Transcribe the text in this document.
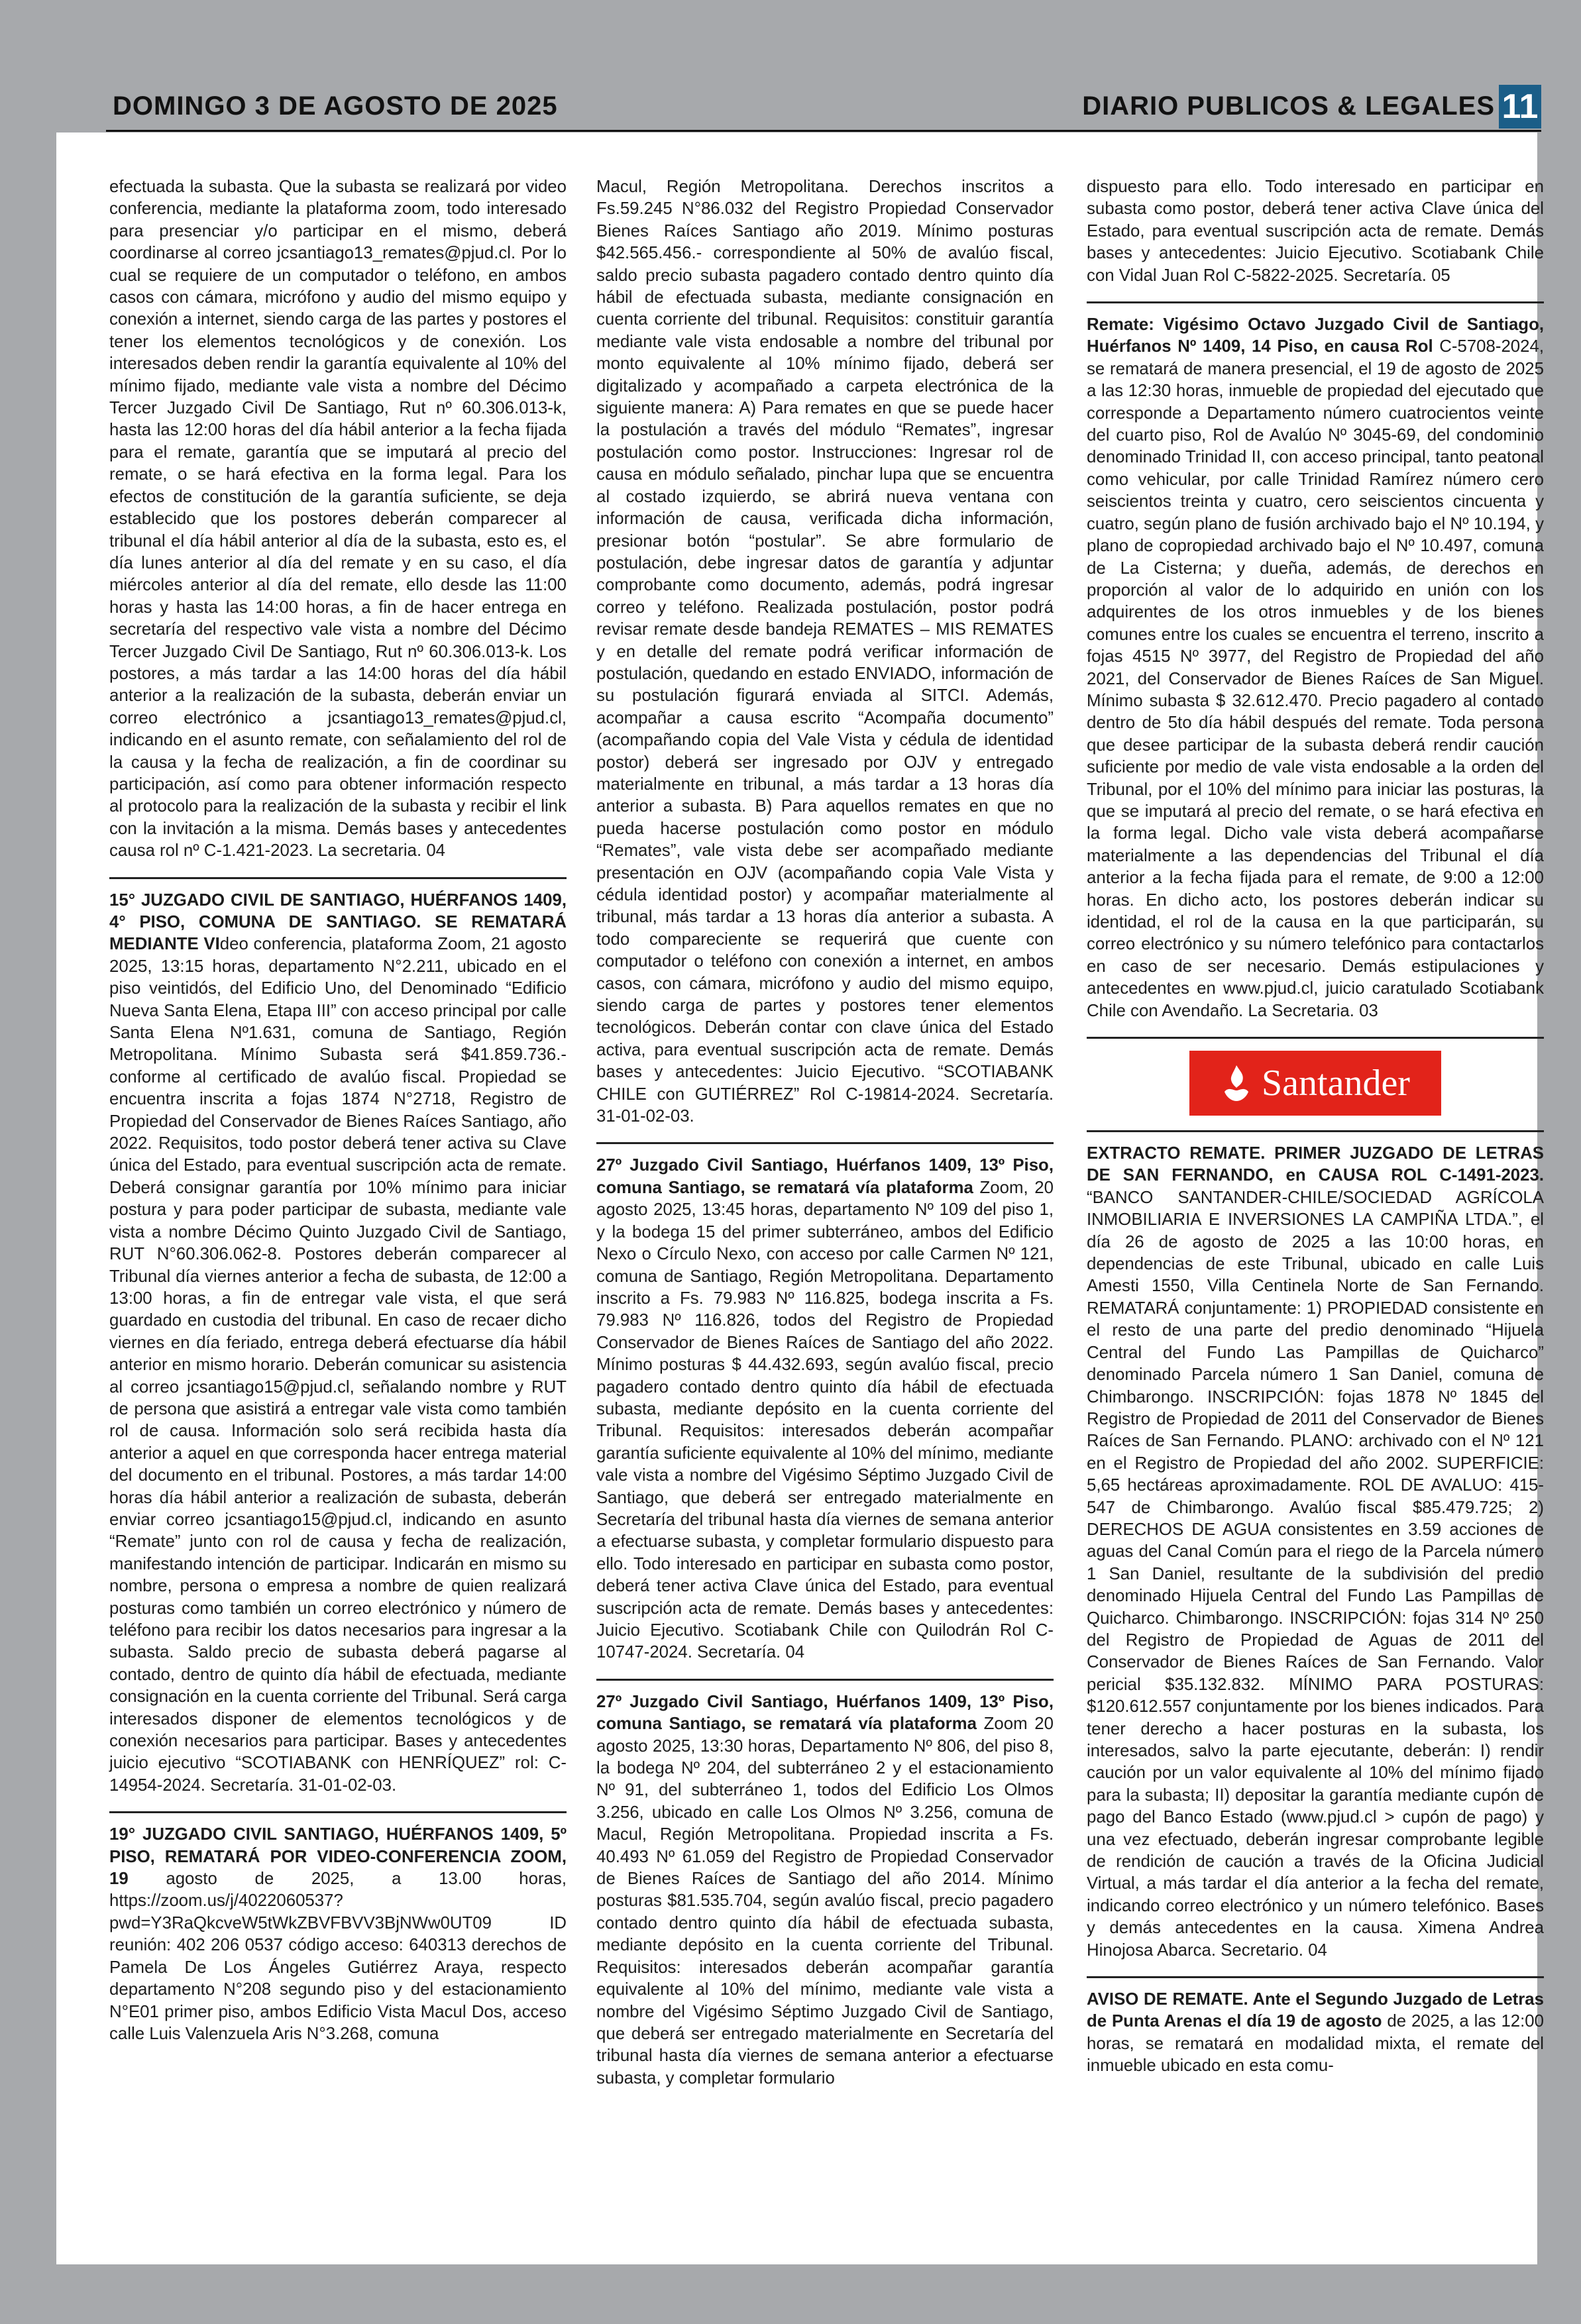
DOMINGO 3 DE AGOSTO DE 2025	DIARIO PUBLICOS & LEGALES 11

efectuada la subasta. Que la subasta se realizará por video conferencia, mediante la plataforma zoom, todo interesado para presenciar y/o participar en el mismo, deberá coordinarse al correo jcsantiago13_remates@pjud.cl. Por lo cual se requiere de un computador o teléfono, en ambos casos con cámara, micrófono y audio del mismo equipo y conexión a internet, siendo carga de las partes y postores el tener los elementos tecnológicos y de conexión. Los interesados deben rendir la garantía equivalente al 10% del mínimo fijado, mediante vale vista a nombre del Décimo Tercer Juzgado Civil De Santiago, Rut nº 60.306.013-k, hasta las 12:00 horas del día hábil anterior a la fecha fijada para el remate, garantía que se imputará al precio del remate, o se hará efectiva en la forma legal. Para los efectos de constitución de la garantía suficiente, se deja establecido que los postores deberán comparecer al tribunal el día hábil anterior al día de la subasta, esto es, el día lunes anterior al día del remate y en su caso, el día miércoles anterior al día del remate, ello desde las 11:00 horas y hasta las 14:00 horas, a fin de hacer entrega en secretaría del respectivo vale vista a nombre del Décimo Tercer Juzgado Civil De Santiago, Rut nº 60.306.013-k. Los postores, a más tardar a las 14:00 horas del día hábil anterior a la realización de la subasta, deberán enviar un correo electrónico a jcsantiago13_remates@pjud.cl, indicando en el asunto remate, con señalamiento del rol de la causa y la fecha de realización, a fin de coordinar su participación, así como para obtener información respecto al protocolo para la realización de la subasta y recibir el link con la invitación a la misma. Demás bases y antecedentes causa rol nº C-1.421-2023. La secretaria. 04

15° JUZGADO CIVIL DE SANTIAGO, HUÉRFANOS 1409, 4° PISO, COMUNA DE SANTIAGO. SE REMATARÁ MEDIANTE VIdeo conferencia, plataforma Zoom, 21 agosto 2025, 13:15 horas, departamento N°2.211, ubicado en el piso veintidós, del Edificio Uno, del Denominado “Edificio Nueva Santa Elena, Etapa III” con acceso principal por calle Santa Elena Nº1.631, comuna de Santiago, Región Metropolitana. Mínimo Subasta será $41.859.736.- conforme al certificado de avalúo fiscal. Propiedad se encuentra inscrita a fojas 1874 N°2718, Registro de Propiedad del Conservador de Bienes Raíces Santiago, año 2022. Requisitos, todo postor deberá tener activa su Clave única del Estado, para eventual suscripción acta de remate. Deberá consignar garantía por 10% mínimo para iniciar postura y para poder participar de subasta, mediante vale vista a nombre Décimo Quinto Juzgado Civil de Santiago, RUT N°60.306.062-8. Postores deberán comparecer al Tribunal día viernes anterior a fecha de subasta, de 12:00 a 13:00 horas, a fin de entregar vale vista, el que será guardado en custodia del tribunal. En caso de recaer dicho viernes en día feriado, entrega deberá efectuarse día hábil anterior en mismo horario. Deberán comunicar su asistencia al correo jcsantiago15@pjud.cl, señalando nombre y RUT de persona que asistirá a entregar vale vista como también rol de causa. Información solo será recibida hasta día anterior a aquel en que corresponda hacer entrega material del documento en el tribunal. Postores, a más tardar 14:00 horas día hábil anterior a realización de subasta, deberán enviar correo jcsantiago15@pjud.cl, indicando en asunto “Remate” junto con rol de causa y fecha de realización, manifestando intención de participar. Indicarán en mismo su nombre, persona o empresa a nombre de quien realizará posturas como también un correo electrónico y número de teléfono para recibir los datos necesarios para ingresar a la subasta. Saldo precio de subasta deberá pagarse al contado, dentro de quinto día hábil de efectuada, mediante consignación en la cuenta corriente del Tribunal. Será carga interesados disponer de elementos tecnológicos y de conexión necesarios para participar. Bases y antecedentes juicio ejecutivo “SCOTIABANK con HENRÍQUEZ” rol: C-14954-2024. Secretaría. 31-01-02-03.

19° JUZGADO CIVIL SANTIAGO, HUÉRFANOS 1409, 5º PISO, REMATARÁ POR VIDEO-CONFERENCIA ZOOM, 19 agosto de 2025, a 13.00 horas, https://zoom.us/j/4022060537?pwd=Y3RaQkcveW5tWkZBVFBVV3BjNWw0UT09 ID reunión: 402 206 0537 código acceso: 640313 derechos de Pamela De Los Ángeles Gutiérrez Araya, respecto departamento N°208 segundo piso y del estacionamiento N°E01 primer piso, ambos Edificio Vista Macul Dos, acceso calle Luis Valenzuela Aris N°3.268, comuna

Macul, Región Metropolitana. Derechos inscritos a Fs.59.245 N°86.032 del Registro Propiedad Conservador Bienes Raíces Santiago año 2019. Mínimo posturas $42.565.456.- correspondiente al 50% de avalúo fiscal, saldo precio subasta pagadero contado dentro quinto día hábil de efectuada subasta, mediante consignación en cuenta corriente del tribunal. Requisitos: constituir garantía mediante vale vista endosable a nombre del tribunal por monto equivalente al 10% mínimo fijado, deberá ser digitalizado y acompañado a carpeta electrónica de la siguiente manera: A) Para remates en que se puede hacer la postulación a través del módulo “Remates”, ingresar postulación como postor. Instrucciones: Ingresar rol de causa en módulo señalado, pinchar lupa que se encuentra al costado izquierdo, se abrirá nueva ventana con información de causa, verificada dicha información, presionar botón “postular”. Se abre formulario de postulación, debe ingresar datos de garantía y adjuntar comprobante como documento, además, podrá ingresar correo y teléfono. Realizada postulación, postor podrá revisar remate desde bandeja REMATES – MIS REMATES y en detalle del remate podrá verificar información de postulación, quedando en estado ENVIADO, información de su postulación figurará enviada al SITCI. Además, acompañar a causa escrito “Acompaña documento” (acompañando copia del Vale Vista y cédula de identidad postor) deberá ser ingresado por OJV y entregado materialmente en tribunal, a más tardar a 13 horas día anterior a subasta. B) Para aquellos remates en que no pueda hacerse postulación como postor en módulo “Remates”, vale vista debe ser acompañado mediante presentación en OJV (acompañando copia Vale Vista y cédula identidad postor) y acompañar materialmente al tribunal, más tardar a 13 horas día anterior a subasta. A todo compareciente se requerirá que cuente con computador o teléfono con conexión a internet, en ambos casos, con cámara, micrófono y audio del mismo equipo, siendo carga de partes y postores tener elementos tecnológicos. Deberán contar con clave única del Estado activa, para eventual suscripción acta de remate. Demás bases y antecedentes: Juicio Ejecutivo. “SCOTIABANK CHILE con GUTIÉRREZ” Rol C-19814-2024. Secretaría. 31-01-02-03.

27º Juzgado Civil Santiago, Huérfanos 1409, 13º Piso, comuna Santiago, se rematará vía plataforma Zoom, 20 agosto 2025, 13:45 horas, departamento Nº 109 del piso 1, y la bodega 15 del primer subterráneo, ambos del Edificio Nexo o Círculo Nexo, con acceso por calle Carmen Nº 121, comuna de Santiago, Región Metropolitana. Departamento inscrito a Fs. 79.983 Nº 116.825, bodega inscrita a Fs. 79.983 Nº 116.826, todos del Registro de Propiedad Conservador de Bienes Raíces de Santiago del año 2022. Mínimo posturas $ 44.432.693, según avalúo fiscal, precio pagadero contado dentro quinto día hábil de efectuada subasta, mediante depósito en la cuenta corriente del Tribunal. Requisitos: interesados deberán acompañar garantía suficiente equivalente al 10% del mínimo, mediante vale vista a nombre del Vigésimo Séptimo Juzgado Civil de Santiago, que deberá ser entregado materialmente en Secretaría del tribunal hasta día viernes de semana anterior a efectuarse subasta, y completar formulario dispuesto para ello. Todo interesado en participar en subasta como postor, deberá tener activa Clave única del Estado, para eventual suscripción acta de remate. Demás bases y antecedentes: Juicio Ejecutivo. Scotiabank Chile con Quilodrán Rol C-10747-2024. Secretaría. 04

27º Juzgado Civil Santiago, Huérfanos 1409, 13º Piso, comuna Santiago, se rematará vía plataforma Zoom 20 agosto 2025, 13:30 horas, Departamento Nº 806, del piso 8, la bodega Nº 204, del subterráneo 2 y el estacionamiento Nº 91, del subterráneo 1, todos del Edificio Los Olmos 3.256, ubicado en calle Los Olmos Nº 3.256, comuna de Macul, Región Metropolitana. Propiedad inscrita a Fs. 40.493 Nº 61.059 del Registro de Propiedad Conservador de Bienes Raíces de Santiago del año 2014. Mínimo posturas $81.535.704, según avalúo fiscal, precio pagadero contado dentro quinto día hábil de efectuada subasta, mediante depósito en la cuenta corriente del Tribunal. Requisitos: interesados deberán acompañar garantía equivalente al 10% del mínimo, mediante vale vista a nombre del Vigésimo Séptimo Juzgado Civil de Santiago, que deberá ser entregado materialmente en Secretaría del tribunal hasta día viernes de semana anterior a efectuarse subasta, y completar formulario

dispuesto para ello. Todo interesado en participar en subasta como postor, deberá tener activa Clave única del Estado, para eventual suscripción acta de remate. Demás bases y antecedentes: Juicio Ejecutivo. Scotiabank Chile con Vidal Juan Rol C-5822-2025. Secretaría. 05

Remate: Vigésimo Octavo Juzgado Civil de Santiago, Huérfanos Nº 1409, 14 Piso, en causa Rol C-5708-2024, se rematará de manera presencial, el 19 de agosto de 2025 a las 12:30 horas, inmueble de propiedad del ejecutado que corresponde a Departamento número cuatrocientos veinte del cuarto piso, Rol de Avalúo Nº 3045-69, del condominio denominado Trinidad II, con acceso principal, tanto peatonal como vehicular, por calle Trinidad Ramírez número cero seiscientos treinta y cuatro, cero seiscientos cincuenta y cuatro, según plano de fusión archivado bajo el Nº 10.194, y plano de copropiedad archivado bajo el Nº 10.497, comuna de La Cisterna; y dueña, además, de derechos en proporción al valor de lo adquirido en unión con los adquirentes de los otros inmuebles y de los bienes comunes entre los cuales se encuentra el terreno, inscrito a fojas 4515 Nº 3977, del Registro de Propiedad del año 2021, del Conservador de Bienes Raíces de San Miguel. Mínimo subasta $ 32.612.470. Precio pagadero al contado dentro de 5to día hábil después del remate. Toda persona que desee participar de la subasta deberá rendir caución suficiente por medio de vale vista endosable a la orden del Tribunal, por el 10% del mínimo para iniciar las posturas, la que se imputará al precio del remate, o se hará efectiva en la forma legal. Dicho vale vista deberá acompañarse materialmente a las dependencias del Tribunal el día anterior a la fecha fijada para el remate, de 9:00 a 12:00 horas. En dicho acto, los postores deberán indicar su identidad, el rol de la causa en la que participarán, su correo electrónico y su número telefónico para contactarlos en caso de ser necesario. Demás estipulaciones y antecedentes en www.pjud.cl, juicio caratulado Scotiabank Chile con Avendaño. La Secretaria. 03

Santander

EXTRACTO REMATE. PRIMER JUZGADO DE LETRAS DE SAN FERNANDO, en CAUSA ROL C-1491-2023. “BANCO SANTANDER-CHILE/SOCIEDAD AGRÍCOLA INMOBILIARIA E INVERSIONES LA CAMPIÑA LTDA.”, el día 26 de agosto de 2025 a las 10:00 horas, en dependencias de este Tribunal, ubicado en calle Luis Amesti 1550, Villa Centinela Norte de San Fernando. REMATARÁ conjuntamente: 1) PROPIEDAD consistente en el resto de una parte del predio denominado “Hijuela Central del Fundo Las Pampillas de Quicharco” denominado Parcela número 1 San Daniel, comuna de Chimbarongo. INSCRIPCIÓN: fojas 1878 Nº 1845 del Registro de Propiedad de 2011 del Conservador de Bienes Raíces de San Fernando. PLANO: archivado con el Nº 121 en el Registro de Propiedad del año 2002. SUPERFICIE: 5,65 hectáreas aproximadamente. ROL DE AVALUO: 415-547 de Chimbarongo. Avalúo fiscal $85.479.725; 2) DERECHOS DE AGUA consistentes en 3.59 acciones de aguas del Canal Común para el riego de la Parcela número 1 San Daniel, resultante de la subdivisión del predio denominado Hijuela Central del Fundo Las Pampillas de Quicharco. Chimbarongo. INSCRIPCIÓN: fojas 314 Nº 250 del Registro de Propiedad de Aguas de 2011 del Conservador de Bienes Raíces de San Fernando. Valor pericial $35.132.832. MÍNIMO PARA POSTURAS: $120.612.557 conjuntamente por los bienes indicados. Para tener derecho a hacer posturas en la subasta, los interesados, salvo la parte ejecutante, deberán: I) rendir caución por un valor equivalente al 10% del mínimo fijado para la subasta; II) depositar la garantía mediante cupón de pago del Banco Estado (www.pjud.cl > cupón de pago) y una vez efectuado, deberán ingresar comprobante legible de rendición de caución a través de la Oficina Judicial Virtual, a más tardar el día anterior a la fecha del remate, indicando correo electrónico y un número telefónico. Bases y demás antecedentes en la causa. Ximena Andrea Hinojosa Abarca. Secretario. 04

AVISO DE REMATE. Ante el Segundo Juzgado de Letras de Punta Arenas el día 19 de agosto de 2025, a las 12:00 horas, se rematará en modalidad mixta, el remate del inmueble ubicado en esta comu-
